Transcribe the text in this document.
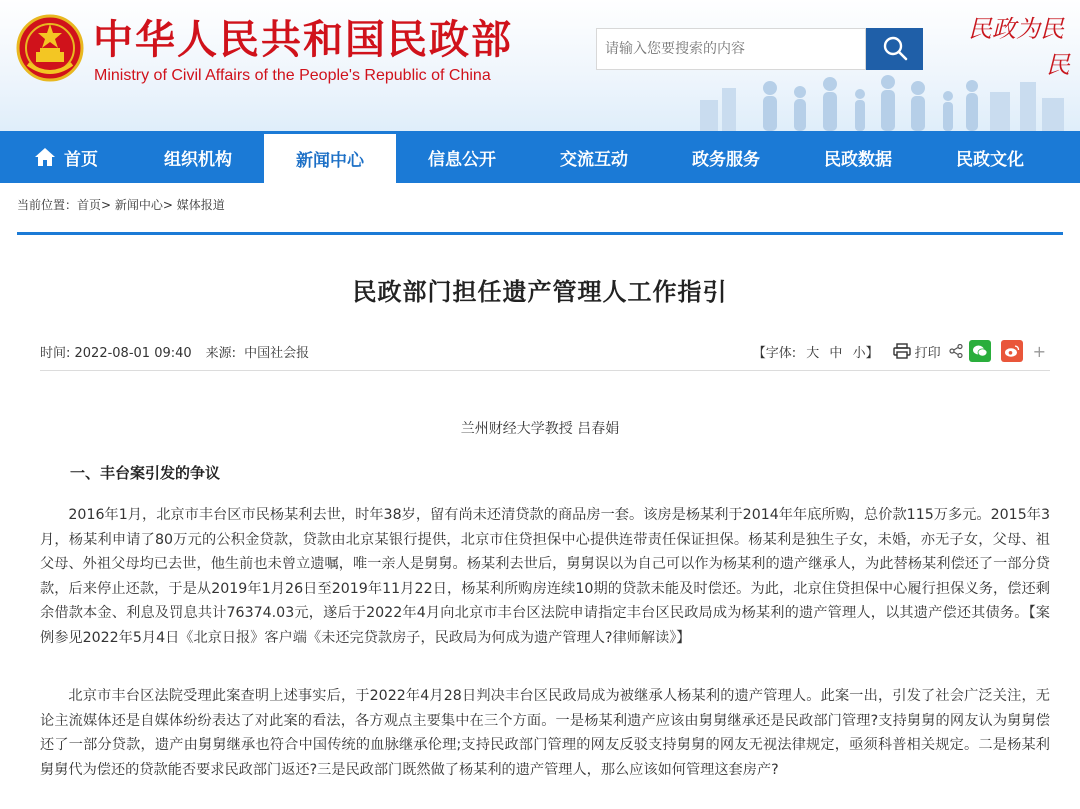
中华人民共和国民政部
Ministry of Civil Affairs of the People's Republic of China
请输入您要搜索的内容
民政为民
民
首页	组织机构	新闻中心	信息公开	交流互动	政务服务	民政数据	民政文化
当前位置：首页> 新闻中心> 媒体报道
民政部门担任遗产管理人工作指引
时间: 2022-08-01 09:40 来源: 中国社会报	【字体: 大 中 小】	打印	+
兰州财经大学教授 吕春娟
一、丰台案引发的争议

2016年1月，北京市丰台区市民杨某利去世，时年38岁，留有尚未还清贷款的商品房一套。该房是杨某利于2014年年底所购，总价款115万多元。2015年3月，杨某利申请了80万元的公积金贷款，贷款由北京某银行提供，北京市住贷担保中心提供连带责任保证担保。杨某利是独生子女，未婚，亦无子女，父母、祖父母、外祖父母均已去世，他生前也未曾立遗嘱，唯一亲人是舅舅。杨某利去世后，舅舅误以为自己可以作为杨某利的遗产继承人，为此替杨某利偿还了一部分贷款，后来停止还款，于是从2019年1月26日至2019年11月22日，杨某利所购房连续10期的贷款未能及时偿还。为此，北京住贷担保中心履行担保义务，偿还剩余借款本金、利息及罚息共计76374.03元，遂后于2022年4月向北京市丰台区法院申请指定丰台区民政局成为杨某利的遗产管理人，以其遗产偿还其债务。【案例参见2022年5月4日《北京日报》客户端《未还完贷款房子，民政局为何成为遗产管理人?律师解读》】

北京市丰台区法院受理此案查明上述事实后，于2022年4月28日判决丰台区民政局成为被继承人杨某利的遗产管理人。此案一出，引发了社会广泛关注，无论主流媒体还是自媒体纷纷表达了对此案的看法，各方观点主要集中在三个方面。一是杨某利遗产应该由舅舅继承还是民政部门管理?支持舅舅的网友认为舅舅偿还了一部分贷款，遗产由舅舅继承也符合中国传统的血脉继承伦理;支持民政部门管理的网友反驳支持舅舅的网友无视法律规定，亟须科普相关规定。二是杨某利舅舅代为偿还的贷款能否要求民政部门返还?三是民政部门既然做了杨某利的遗产管理人，那么应该如何管理这套房产?
